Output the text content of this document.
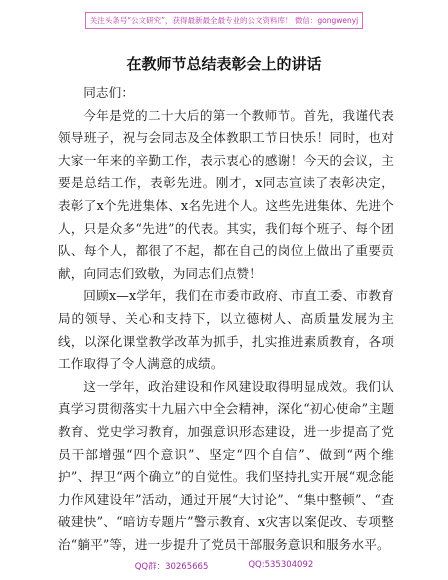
关注头条号“公文研究”，获得最新最全最专业的公文资料库！ 微信：gongwenyj
在教师节总结表彰会上的讲话

同志们：

今年是党的二十大后的第一个教师节。首先，我谨代表领导班子，祝与会同志及全体教职工节日快乐！同时，也对大家一年来的辛勤工作，表示衷心的感谢！今天的会议，主要是总结工作，表彰先进。刚才，x同志宣读了表彰决定，表彰了x个先进集体、x名先进个人。这些先进集体、先进个人，只是众多“先进”的代表。其实，我们每个班子、每个团队、每个人，都很了不起，都在自己的岗位上做出了重要贡献，向同志们致敬，为同志们点赞！

回顾x—x学年，我们在市委市政府、市直工委、市教育局的领导、关心和支持下，以立德树人、高质量发展为主线，以深化课堂教学改革为抓手，扎实推进素质教育，各项工作取得了令人满意的成绩。

这一学年，政治建设和作风建设取得明显成效。我们认真学习贯彻落实十九届六中全会精神，深化“初心使命”主题教育、党史学习教育，加强意识形态建设，进一步提高了党员干部增强“四个意识”、坚定“四个自信”、做到“两个维护”、捍卫“两个确立”的自觉性。我们坚持扎实开展“观念能力作风建设年”活动，通过开展“大讨论”、“集中整顿”、“查破建快”、“暗访专题片”警示教育、x灾害以案促改、专项整治“躺平”等，进一步提升了党员干部服务意识和服务水平。

QQ群：30265665	QQ:535304092
